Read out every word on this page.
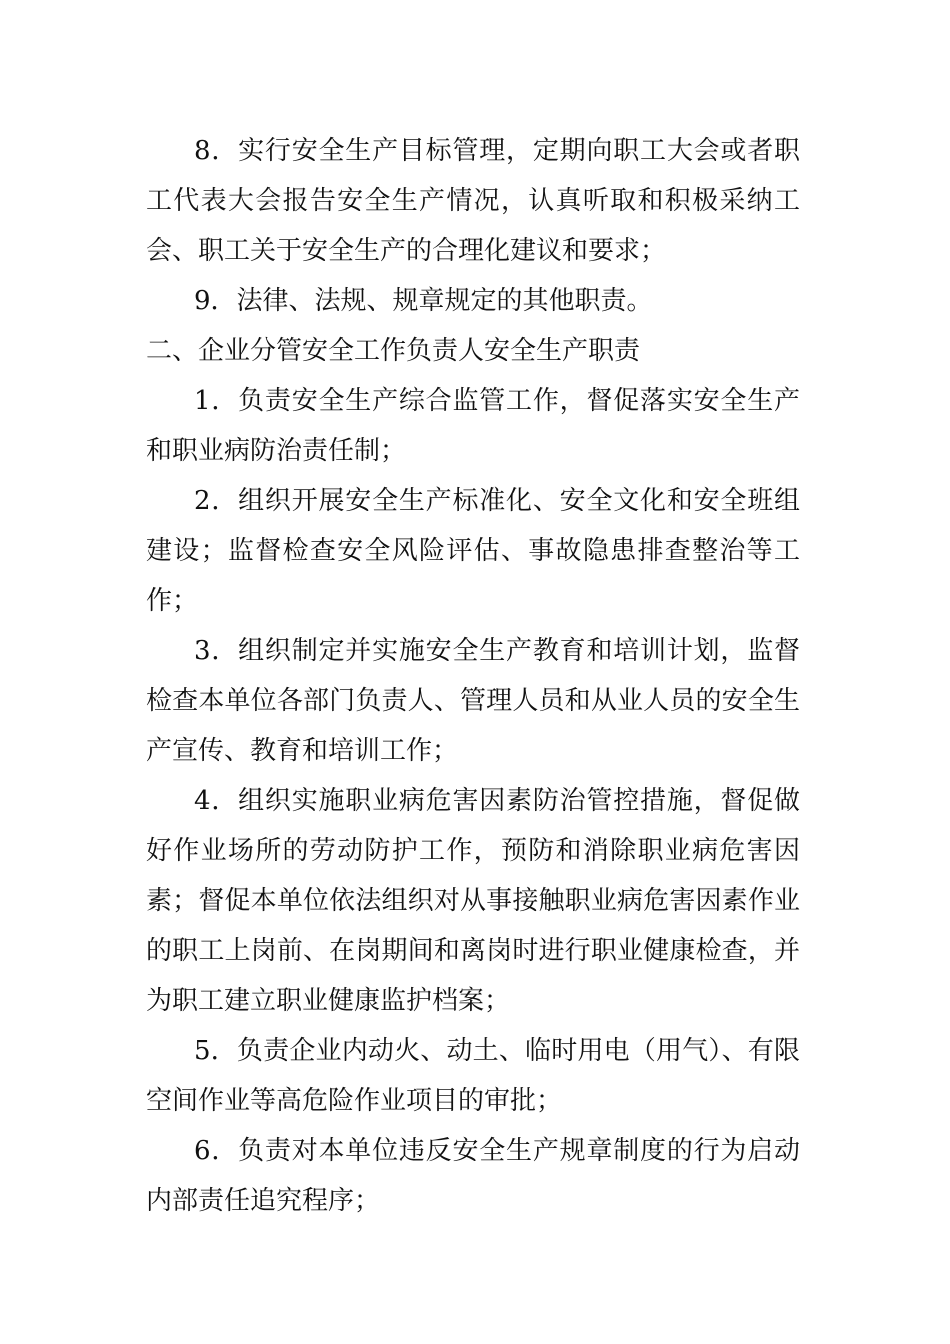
8．实行安全生产目标管理，定期向职工大会或者职工代表大会报告安全生产情况，认真听取和积极采纳工会、职工关于安全生产的合理化建议和要求；

9．法律、法规、规章规定的其他职责。

二、企业分管安全工作负责人安全生产职责

1．负责安全生产综合监管工作，督促落实安全生产和职业病防治责任制；

2．组织开展安全生产标准化、安全文化和安全班组建设；监督检查安全风险评估、事故隐患排查整治等工作；

3．组织制定并实施安全生产教育和培训计划，监督检查本单位各部门负责人、管理人员和从业人员的安全生产宣传、教育和培训工作；

4．组织实施职业病危害因素防治管控措施，督促做好作业场所的劳动防护工作，预防和消除职业病危害因素；督促本单位依法组织对从事接触职业病危害因素作业的职工上岗前、在岗期间和离岗时进行职业健康检查，并为职工建立职业健康监护档案；

5．负责企业内动火、动土、临时用电（用气）、有限空间作业等高危险作业项目的审批；

6．负责对本单位违反安全生产规章制度的行为启动内部责任追究程序；
